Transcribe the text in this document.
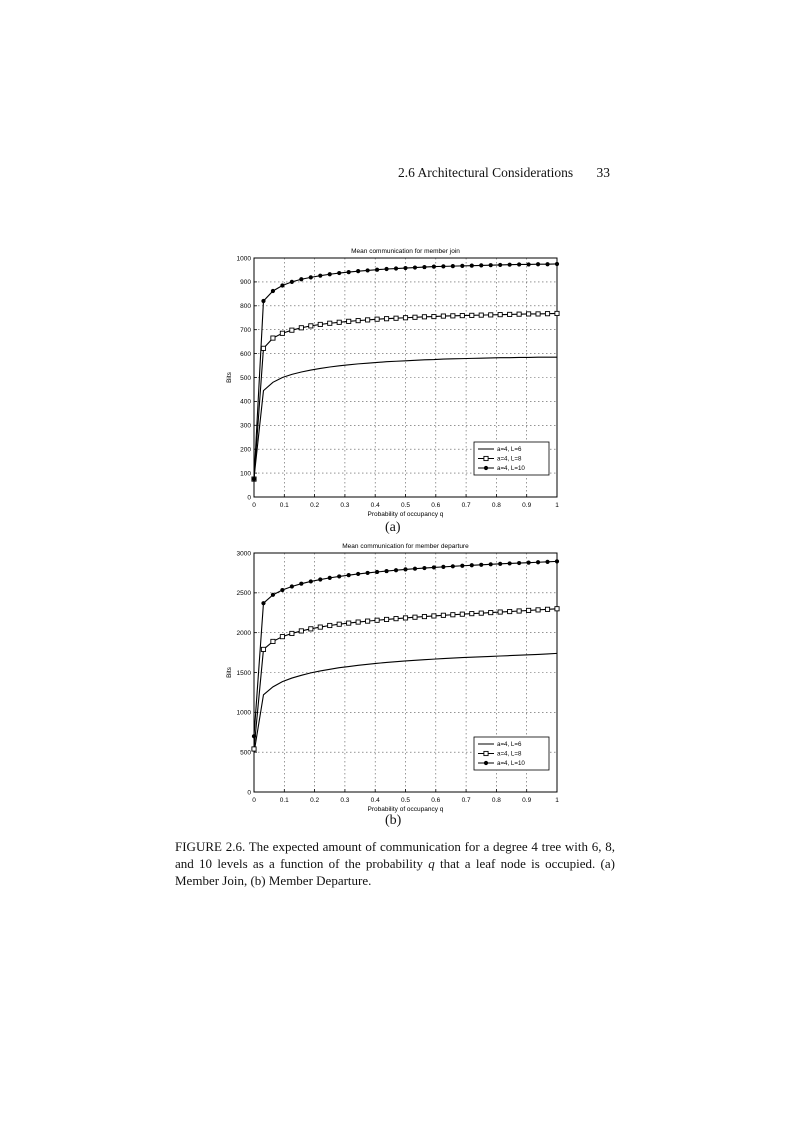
2.6 Architectural Considerations 33
0	0.1	0.2	0.3	0.4	0.5	0.6	0.7	0.8	0.9	1
0
100
200
300
400
500
600
700
800
900
1000
Mean communication for member join
Probability of occupancy q
Bits
a=4, L=6
a=4, L=8
a=4, L=10
(a)
0	0.1	0.2	0.3	0.4	0.5	0.6	0.7	0.8	0.9	1
0
500
1000
1500
2000
2500
3000
Mean communication for member departure
Probability of occupancy q
Bits
a=4, L=6
a=4, L=8
a=4, L=10
(b)
FIGURE 2.6. The expected amount of communication for a degree 4 tree with 6, 8, and 10 levels as a function of the probability q that a leaf node is occupied. (a) Member Join, (b) Member Departure.
